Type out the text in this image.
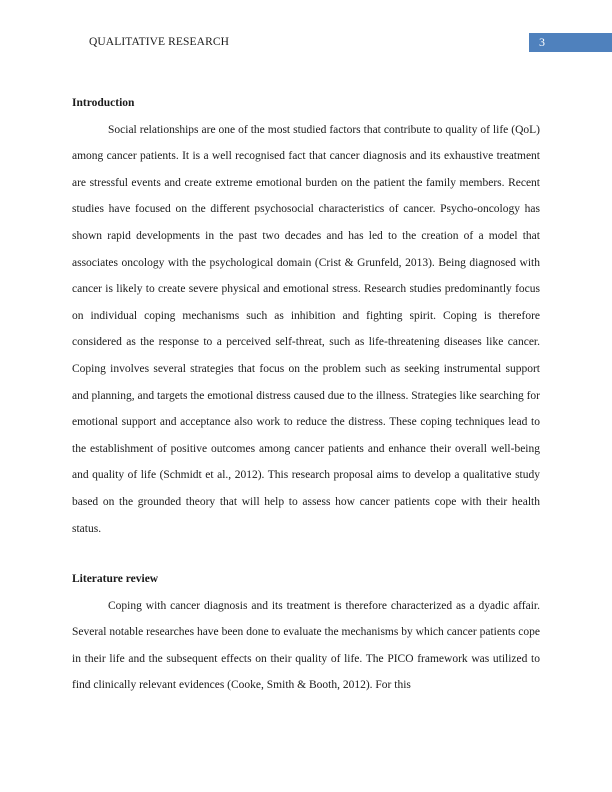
QUALITATIVE RESEARCH	3
Introduction

Social relationships are one of the most studied factors that contribute to quality of life (QoL) among cancer patients. It is a well recognised fact that cancer diagnosis and its exhaustive treatment are stressful events and create extreme emotional burden on the patient the family members. Recent studies have focused on the different psychosocial characteristics of cancer. Psycho-oncology has shown rapid developments in the past two decades and has led to the creation of a model that associates oncology with the psychological domain (Crist & Grunfeld, 2013). Being diagnosed with cancer is likely to create severe physical and emotional stress. Research studies predominantly focus on individual coping mechanisms such as inhibition and fighting spirit. Coping is therefore considered as the response to a perceived self-threat, such as life-threatening diseases like cancer. Coping involves several strategies that focus on the problem such as seeking instrumental support and planning, and targets the emotional distress caused due to the illness. Strategies like searching for emotional support and acceptance also work to reduce the distress. These coping techniques lead to the establishment of positive outcomes among cancer patients and enhance their overall well-being and quality of life (Schmidt et al., 2012). This research proposal aims to develop a qualitative study based on the grounded theory that will help to assess how cancer patients cope with their health status.

Literature review

Coping with cancer diagnosis and its treatment is therefore characterized as a dyadic affair. Several notable researches have been done to evaluate the mechanisms by which cancer patients cope in their life and the subsequent effects on their quality of life. The PICO framework was utilized to find clinically relevant evidences (Cooke, Smith & Booth, 2012). For this
